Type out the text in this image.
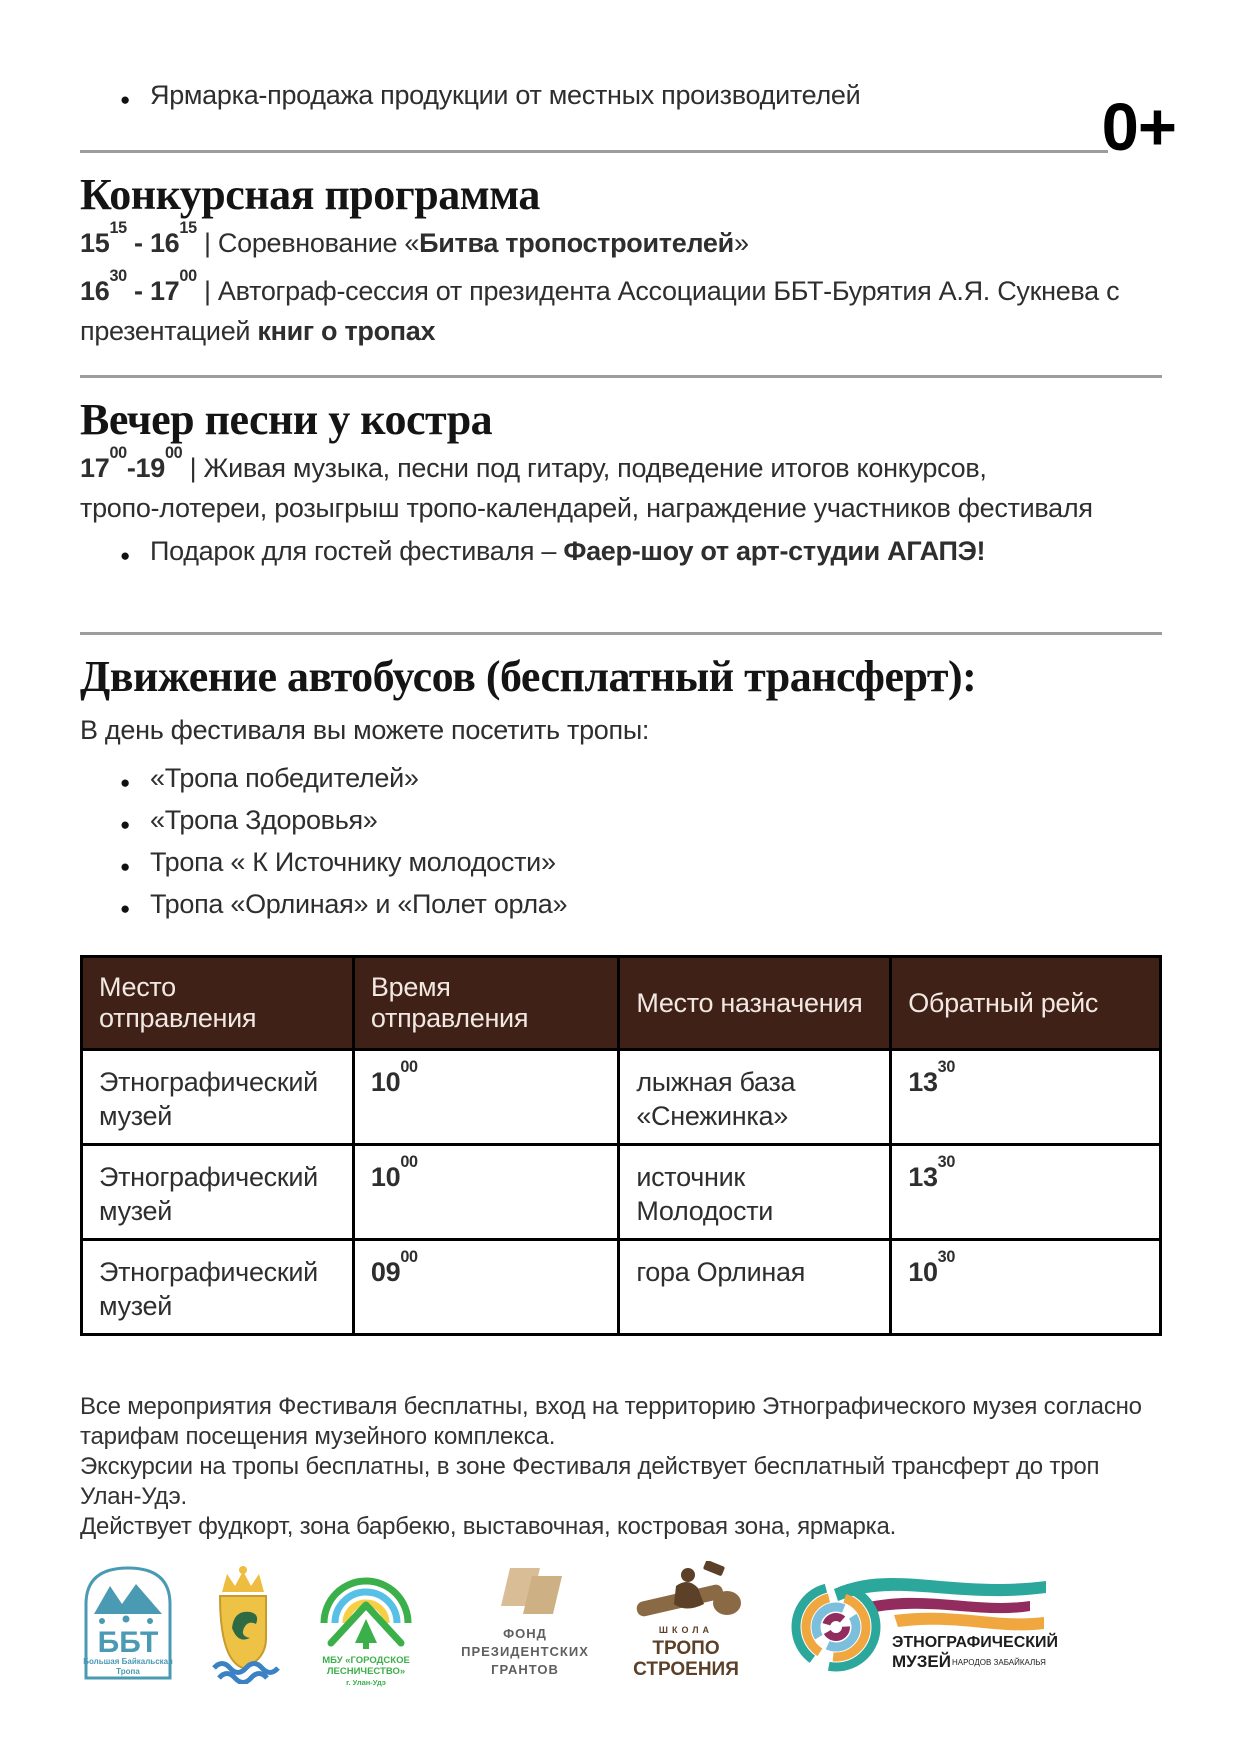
0+
● Ярмарка-продажа продукции от местных производителей
Конкурсная программа

$15^{15} - 16^{15}$ | Соревнование «Битва тропостроителей»

$16^{30} - 17^{00}$ | Автограф-сессия от президента Ассоциации ББТ-Бурятия А.Я. Сукнева с
презентацией книг о тропах

Вечер песни у костра

$17^{00}-19^{00}$ | Живая музыка, песни под гитару, подведение итогов конкурсов,
тропо-лотереи, розыгрыш тропо-календарей, награждение участников фестиваля

● Подарок для гостей фестиваля – Фаер-шоу от арт-студии АГАПЭ!
Движение автобусов (бесплатный трансферт):

В день фестиваля вы можете посетить тропы:

● «Тропа победителей»
● «Тропа Здоровья»
● Тропа « К Источнику молодости»
● Тропа «Орлиная» и «Полет орла»
Место отправления	Время отправления	Место назначения	Обратный рейс
Этнографический музей	$10^{00}$	лыжная база «Снежинка»	$13^{30}$
Этнографический музей	$10^{00}$	источник Молодости	$13^{30}$
Этнографический музей	$09^{00}$	гора Орлиная	$10^{30}$

Все мероприятия Фестиваля бесплатны, вход на территорию Этнографического музея согласно
тарифам посещения музейного комплекса.

Экскурсии на тропы бесплатны, в зоне Фестиваля действует бесплатный трансферт до троп Улан-Удэ.

Действует фудкорт, зона барбекю, выставочная, костровая зона, ярмарка.

ББТ
Большая Байкальская
Тропа
МБУ «ГОРОДСКОЕ
ЛЕСНИЧЕСТВО»
г. Улан-Удэ
ФОНД
ПРЕЗИДЕНТСКИХ
ГРАНТОВ
ШКОЛА
ТРОПО
СТРОЕНИЯ
ЭТНОГРАФИЧЕСКИЙ
МУЗЕЙ НАРОДОВ ЗАБАЙКАЛЬЯ
